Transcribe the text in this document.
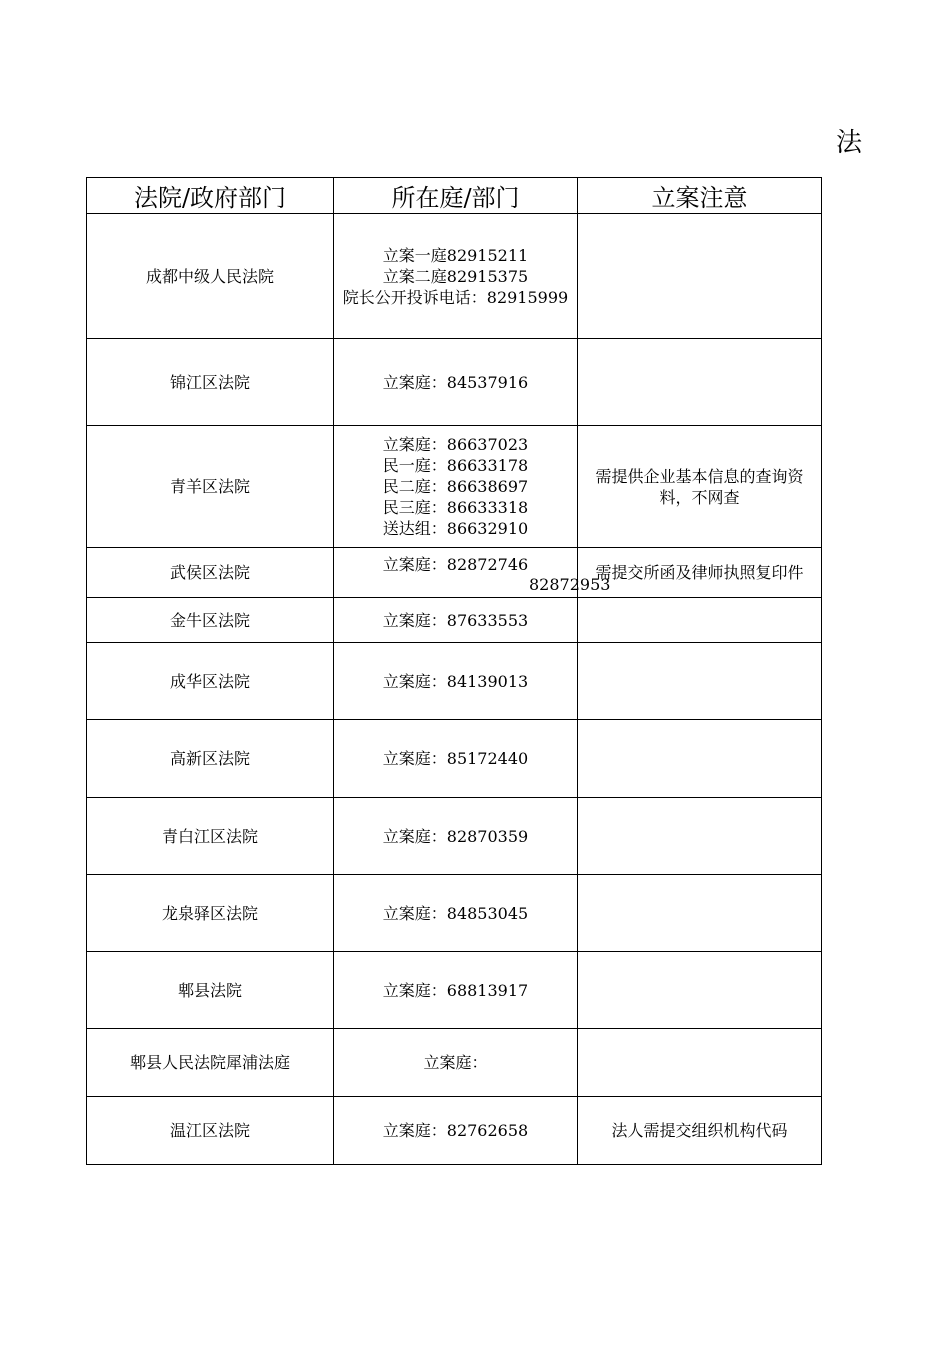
法
法院/政府部门	所在庭/部门	立案注意
成都中级人民法院	立案一庭82915211
立案二庭82915375
院长公开投诉电话：82915999	

锦江区法院	立案庭：84537916	

青羊区法院	立案庭：86637023
民一庭：86633178
民二庭：86638697
民三庭：86633318
送达组：86632910	需提供企业基本信息的查询资料，不网查

武侯区法院	立案庭：82872746
82872953	需提交所函及律师执照复印件
金牛区法院	立案庭：87633553	

成华区法院	立案庭：84139013	

高新区法院	立案庭：85172440	

青白江区法院	立案庭：82870359	

龙泉驿区法院	立案庭：84853045	

郫县法院	立案庭：68813917	

郫县人民法院犀浦法庭	立案庭：	

温江区法院	立案庭：82762658	法人需提交组织机构代码
